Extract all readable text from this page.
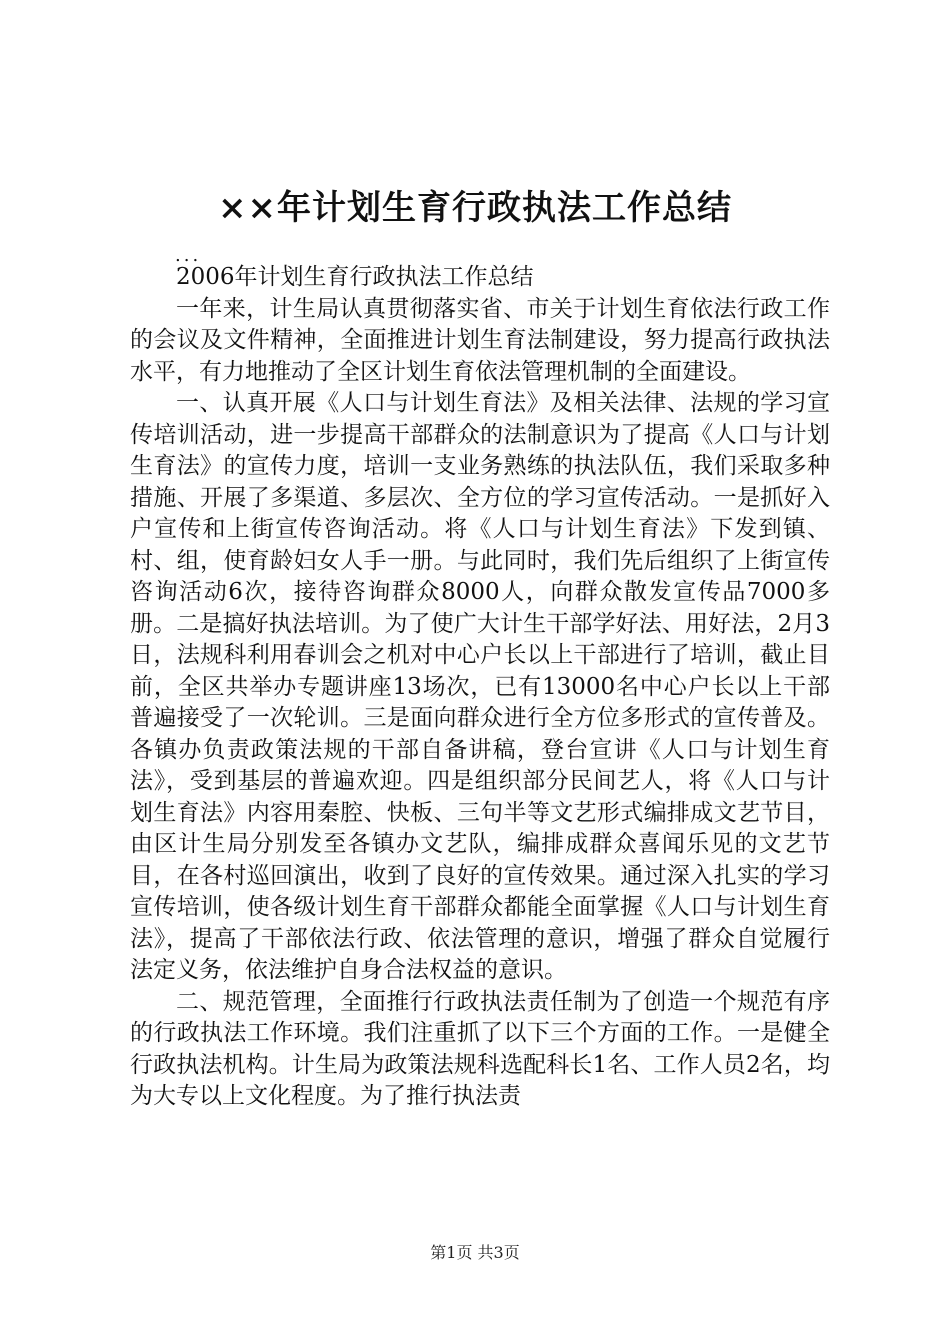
××年计划生育行政执法工作总结
...

2006年计划生育行政执法工作总结

一年来，计生局认真贯彻落实省、市关于计划生育依法行政工作的会议及文件精神，全面推进计划生育法制建设，努力提高行政执法水平，有力地推动了全区计划生育依法管理机制的全面建设。

一、认真开展《人口与计划生育法》及相关法律、法规的学习宣传培训活动，进一步提高干部群众的法制意识为了提高《人口与计划生育法》的宣传力度，培训一支业务熟练的执法队伍，我们采取多种措施、开展了多渠道、多层次、全方位的学习宣传活动。一是抓好入户宣传和上街宣传咨询活动。将《人口与计划生育法》下发到镇、村、组，使育龄妇女人手一册。与此同时，我们先后组织了上街宣传咨询活动6次，接待咨询群众8000人，向群众散发宣传品7000多册。二是搞好执法培训。为了使广大计生干部学好法、用好法，2月3日，法规科利用春训会之机对中心户长以上干部进行了培训，截止目前，全区共举办专题讲座13场次，已有13000名中心户长以上干部普遍接受了一次轮训。三是面向群众进行全方位多形式的宣传普及。各镇办负责政策法规的干部自备讲稿，登台宣讲《人口与计划生育法》，受到基层的普遍欢迎。四是组织部分民间艺人，将《人口与计划生育法》内容用秦腔、快板、三句半等文艺形式编排成文艺节目，由区计生局分别发至各镇办文艺队，编排成群众喜闻乐见的文艺节目，在各村巡回演出，收到了良好的宣传效果。通过深入扎实的学习宣传培训，使各级计划生育干部群众都能全面掌握《人口与计划生育法》，提高了干部依法行政、依法管理的意识，增强了群众自觉履行法定义务，依法维护自身合法权益的意识。

二、规范管理，全面推行行政执法责任制为了创造一个规范有序的行政执法工作环境。我们注重抓了以下三个方面的工作。一是健全行政执法机构。计生局为政策法规科选配科长1名、工作人员2名，均为大专以上文化程度。为了推行执法责

第1页 共3页
